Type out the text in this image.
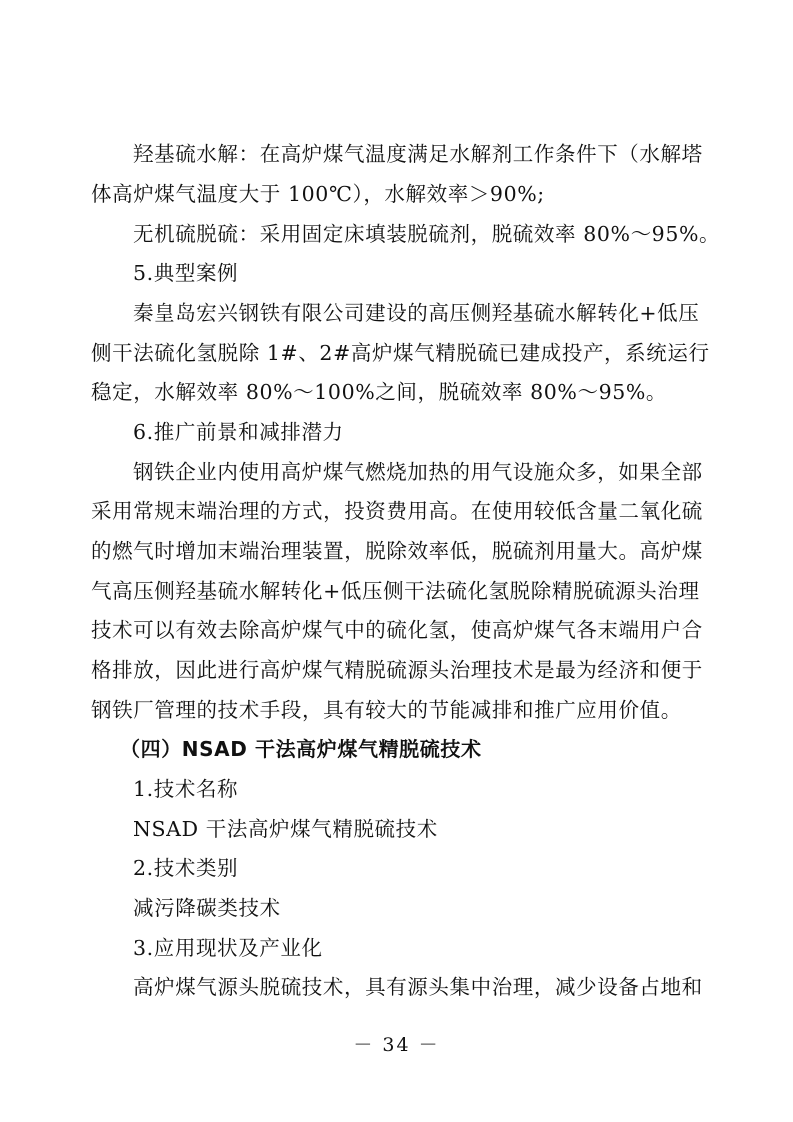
羟基硫水解：在高炉煤气温度满足水解剂工作条件下（水解塔
体高炉煤气温度大于 100℃），水解效率＞90%;
无机硫脱硫：采用固定床填装脱硫剂，脱硫效率 80%～95%。
5.典型案例
秦皇岛宏兴钢铁有限公司建设的高压侧羟基硫水解转化+低压
侧干法硫化氢脱除 1#、2#高炉煤气精脱硫已建成投产，系统运行
稳定，水解效率 80%～100%之间，脱硫效率 80%～95%。
6.推广前景和减排潜力
钢铁企业内使用高炉煤气燃烧加热的用气设施众多，如果全部
采用常规末端治理的方式，投资费用高。在使用较低含量二氧化硫
的燃气时增加末端治理装置，脱除效率低，脱硫剂用量大。高炉煤
气高压侧羟基硫水解转化+低压侧干法硫化氢脱除精脱硫源头治理
技术可以有效去除高炉煤气中的硫化氢，使高炉煤气各末端用户合
格排放，因此进行高炉煤气精脱硫源头治理技术是最为经济和便于
钢铁厂管理的技术手段，具有较大的节能减排和推广应用价值。
（四）NSAD 干法高炉煤气精脱硫技术
1.技术名称
NSAD 干法高炉煤气精脱硫技术
2.技术类别
减污降碳类技术
3.应用现状及产业化
高炉煤气源头脱硫技术，具有源头集中治理，减少设备占地和
－ 34 －
